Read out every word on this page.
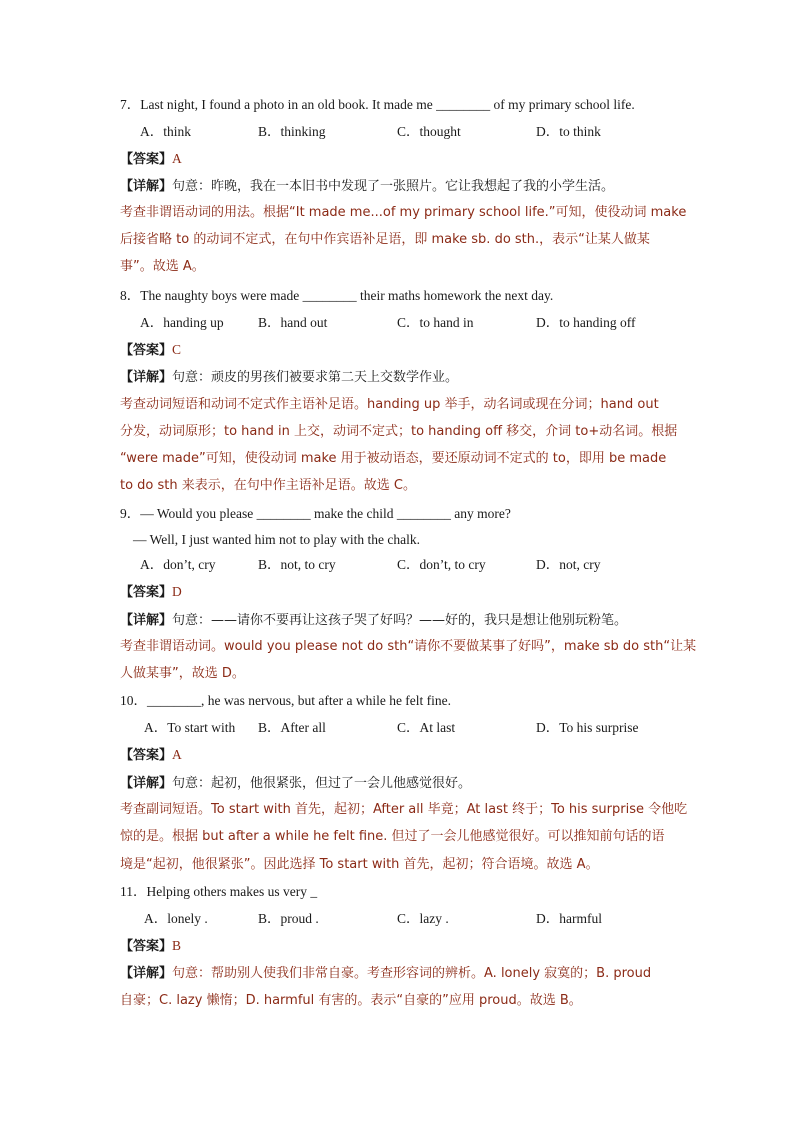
7．Last night, I found a photo in an old book. It made me ________ of my primary school life.
A．think	B．thinking	C．thought	D．to think
【答案】A
【详解】句意：昨晚，我在一本旧书中发现了一张照片。它让我想起了我的小学生活。
考查非谓语动词的用法。根据“It made me...of my primary school life.”可知，使役动词 make
后接省略 to 的动词不定式，在句中作宾语补足语，即 make sb. do sth.，表示“让某人做某
事”。故选 A。
8．The naughty boys were made ________ their maths homework the next day.
A．handing up	B．hand out	C．to hand in	D．to handing off
【答案】C
【详解】句意：顽皮的男孩们被要求第二天上交数学作业。
考查动词短语和动词不定式作主语补足语。handing up 举手，动名词或现在分词；hand out
分发，动词原形；to hand in 上交，动词不定式；to handing off 移交，介词 to+动名词。根据
“were made”可知，使役动词 make 用于被动语态，要还原动词不定式的 to，即用 be made
to do sth 来表示，在句中作主语补足语。故选 C。
9．— Would you please ________ make the child ________ any more?
— Well, I just wanted him not to play with the chalk.
A．don’t, cry	B．not, to cry	C．don’t, to cry	D．not, cry
【答案】D
【详解】句意：——请你不要再让这孩子哭了好吗？——好的，我只是想让他别玩粉笔。
考查非谓语动词。would you please not do sth“请你不要做某事了好吗”，make sb do sth“让某
人做某事”，故选 D。
10．________, he was nervous, but after a while he felt fine.
A．To start with B．After all	C．At last	D．To his surprise
【答案】A
【详解】句意：起初，他很紧张，但过了一会儿他感觉很好。
考查副词短语。To start with 首先，起初；After all 毕竟；At last 终于；To his surprise 令他吃
惊的是。根据 but after a while he felt fine. 但过了一会儿他感觉很好。可以推知前句话的语
境是“起初，他很紧张”。因此选择 To start with 首先，起初；符合语境。故选 A。
11．Helping others makes us very _
A．lonely .	B．proud .	C．lazy .	D．harmful
【答案】B
【详解】句意：帮助别人使我们非常自豪。考查形容词的辨析。A. lonely 寂寞的；B. proud
自豪；C. lazy 懒惰；D. harmful 有害的。表示“自豪的”应用 proud。故选 B。
